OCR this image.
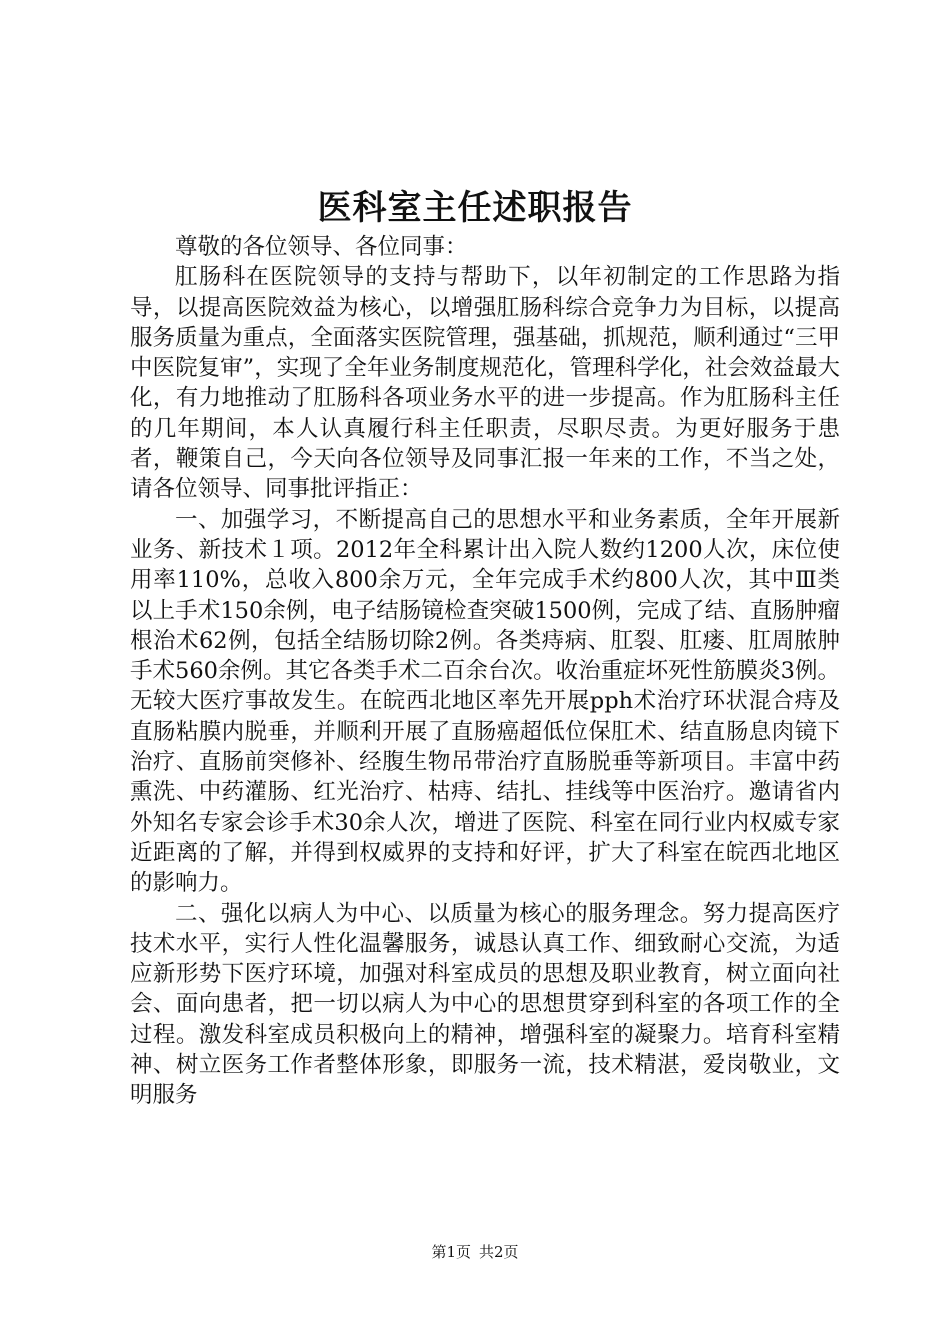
医科室主任述职报告

尊敬的各位领导、各位同事：

肛肠科在医院领导的支持与帮助下，以年初制定的工作思路为指导，以提高医院效益为核心，以增强肛肠科综合竞争力为目标，以提高服务质量为重点，全面落实医院管理，强基础，抓规范，顺利通过“三甲中医院复审”，实现了全年业务制度规范化，管理科学化，社会效益最大化，有力地推动了肛肠科各项业务水平的进一步提高。作为肛肠科主任的几年期间，本人认真履行科主任职责，尽职尽责。为更好服务于患者，鞭策自己，今天向各位领导及同事汇报一年来的工作，不当之处，请各位领导、同事批评指正：

一、加强学习，不断提高自己的思想水平和业务素质，全年开展新业务、新技术１项。2012年全科累计出入院人数约1200人次，床位使用率110%，总收入800余万元，全年完成手术约800人次，其中Ⅲ类以上手术150余例，电子结肠镜检查突破1500例，完成了结、直肠肿瘤根治术62例，包括全结肠切除2例。各类痔病、肛裂、肛瘘、肛周脓肿手术560余例。其它各类手术二百余台次。收治重症坏死性筋膜炎3例。无较大医疗事故发生。在皖西北地区率先开展pph术治疗环状混合痔及直肠粘膜内脱垂，并顺利开展了直肠癌超低位保肛术、结直肠息肉镜下治疗、直肠前突修补、经腹生物吊带治疗直肠脱垂等新项目。丰富中药熏洗、中药灌肠、红光治疗、枯痔、结扎、挂线等中医治疗。邀请省内外知名专家会诊手术30余人次，增进了医院、科室在同行业内权威专家近距离的了解，并得到权威界的支持和好评，扩大了科室在皖西北地区的影响力。

二、强化以病人为中心、以质量为核心的服务理念。努力提高医疗技术水平，实行人性化温馨服务，诚恳认真工作、细致耐心交流，为适应新形势下医疗环境，加强对科室成员的思想及职业教育，树立面向社会、面向患者，把一切以病人为中心的思想贯穿到科室的各项工作的全过程。激发科室成员积极向上的精神，增强科室的凝聚力。培育科室精神、树立医务工作者整体形象，即服务一流，技术精湛，爱岗敬业，文明服务

第1页 共2页
